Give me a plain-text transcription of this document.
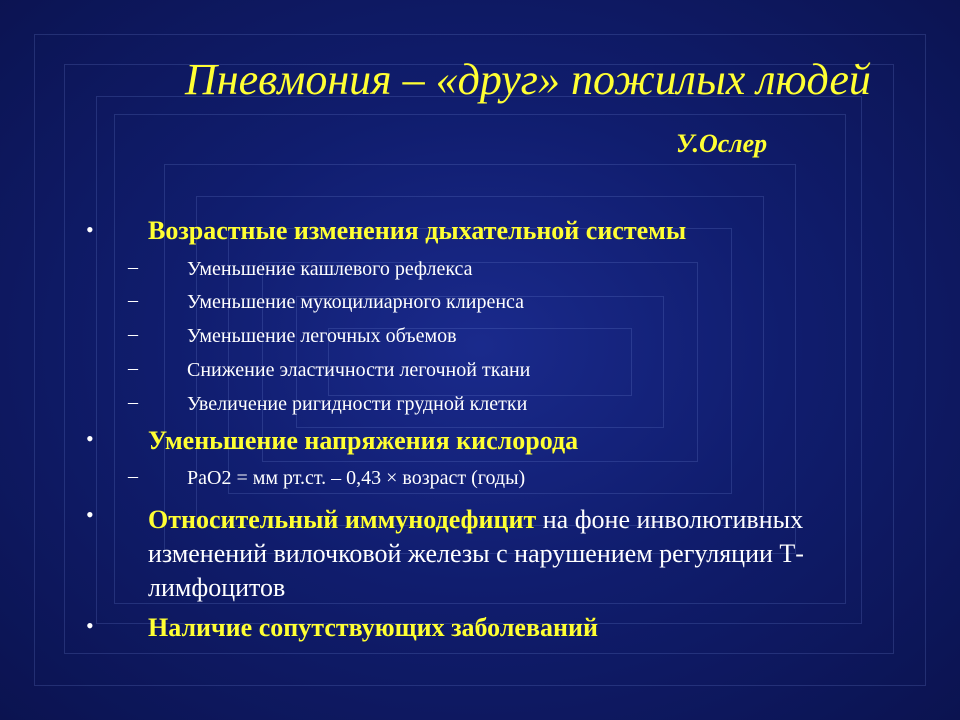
Пневмония – «друг» пожилых людей
У.Ослер
• Возрастные изменения дыхательной системы
– Уменьшение кашлевого рефлекса
– Уменьшение мукоцилиарного клиренса
– Уменьшение легочных объемов
– Снижение эластичности легочной ткани
– Увеличение ригидности грудной клетки
• Уменьшение напряжения кислорода
– PaO2 = мм рт.ст. – 0,43 × возраст (годы)
• Относительный иммунодефицит на фоне инволютивных изменений вилочковой железы с нарушением регуляции Т- лимфоцитов
• Наличие сопутствующих заболеваний
